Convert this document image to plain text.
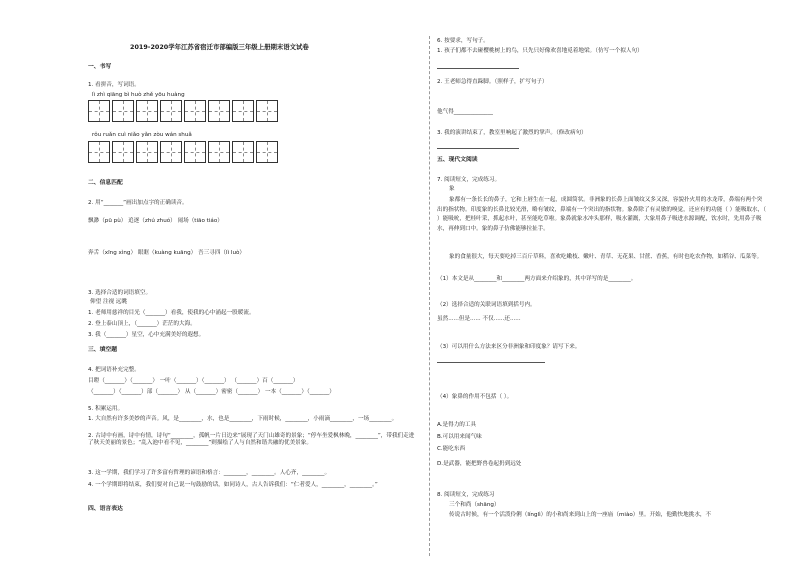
2019-2020学年江苏省宿迁市部编版三年级上册期末语文试卷
一、书写
1. 看拼音，写词语。
lì zhì qiāng bì huò zhě yōu huàng
rǒu ruǎn cuì niǎo yǎn zòu wán shuǎ
二、信息匹配
2. 用“_______”画出加点字的正确读音。
飘渺（pū pù） 追逐（zhú zhuó） 闹场（tiāo tiáo）
奔舌（xīng xìng） 眼眶（kuàng kuāng） 吾三寻四（lì luò）
3. 选择合适的词语填空。
仰望 注视 远眺
1. 老师用慈祥的目光（_______）看我，使我的心中涌起一股暖流。
2. 登上泰山顶上，（_______）茫茫的大海。
3. 我（_______）星空，心中充满美好的遐想。
三、填空题
4. 把词语补充完整。
目瞪（_______）（_______） 一叶（_______）（_______） （_______）百（_______）
（_______）（_______）部（_______） 从（_______）密密（_______） 一本（_______）（_______）
5. 积累运用。
1. 大自然有许多美妙的声音。风，是________，水，也是________，下雨时候，________，小雨滴________，一场________。
2. 古诗中有画，诗中有情，诗句“________，孤帆一片日边来”展现了天门山雄奇的景象；“停车坐爱枫林晚，________”，带我们走进了秋天美丽的景色；“乱入池中看不见，________”则描绘了人与自然和谐共融的优美景象。
3. 这一学期，我们学习了许多富有哲理的谚语和格言：________，________。人心齐，________。
4. 一个学期即将结束，我们要对自己说一句鼓励的话，如同诗人，古人告诉我们：“仁者爱人，________，________。”
四、语言表达
6. 按要求，写句子。
1. 孩子们都不去碰樱桃树上的鸟，只先只好像欢喜地觅着地梁。（仿写一个拟人句）
2. 王老师急得直跺脚。（照样子，扩写句子）
他气得______________
3. 我的演讲结束了，教室里响起了激烈的掌声。（修改病句）
五、现代文阅读
7. 阅读短文，完成练习。
象
象都有一条长长的鼻子，它和上唇生在一起，成圆筒状。非洲象的长鼻上面皱纹又多又深，容貌扑火用的水龙带，鼻端有两个突出的指状物。印度象的长鼻比较光滑，略有皱纹，鼻端有一个突出的指状物。象鼻除了有灵敏的嗅觉，还应有的功能（ ）能吸取水，（ ）能吸吮，把桂叶采，抓起水叶，甚至能吃草啦。象鼻就象水冲头那样，吸水灌溉，大象用鼻子吸进水源调配，饮水时，先用鼻子吸水，再伸到口中。象的鼻子仿佛能够拉扯手。
象的食量很大，每天要吃掉三百斤草料，喜欢吃嫩枝、嫩叶、青草、无花果、甘蔗、香蕉，有时也吃农作物，如稻谷、瓜菜等。
（1）本文是从________和________两方面来介绍象的，其中详写的是________。
（2）选择合适的关联词语填到括号内。
虽然......但是...... 不仅......还......
（3）可以用什么方法来区分非洲象和印度象？请写下来。
（4）象鼻的作用不包括（ ）。
A.是得力的工具
B.可以用来闻气味
C.能吃东西
D.是武器，能把野兽卷起扔到远处
8. 阅读短文，完成练习
三个和尚（shāng）
传说古时候，有一个活泼伶俐（línglì）的小和尚来到山上的一座庙（miào）里。开始，他勤快地挑水，不
